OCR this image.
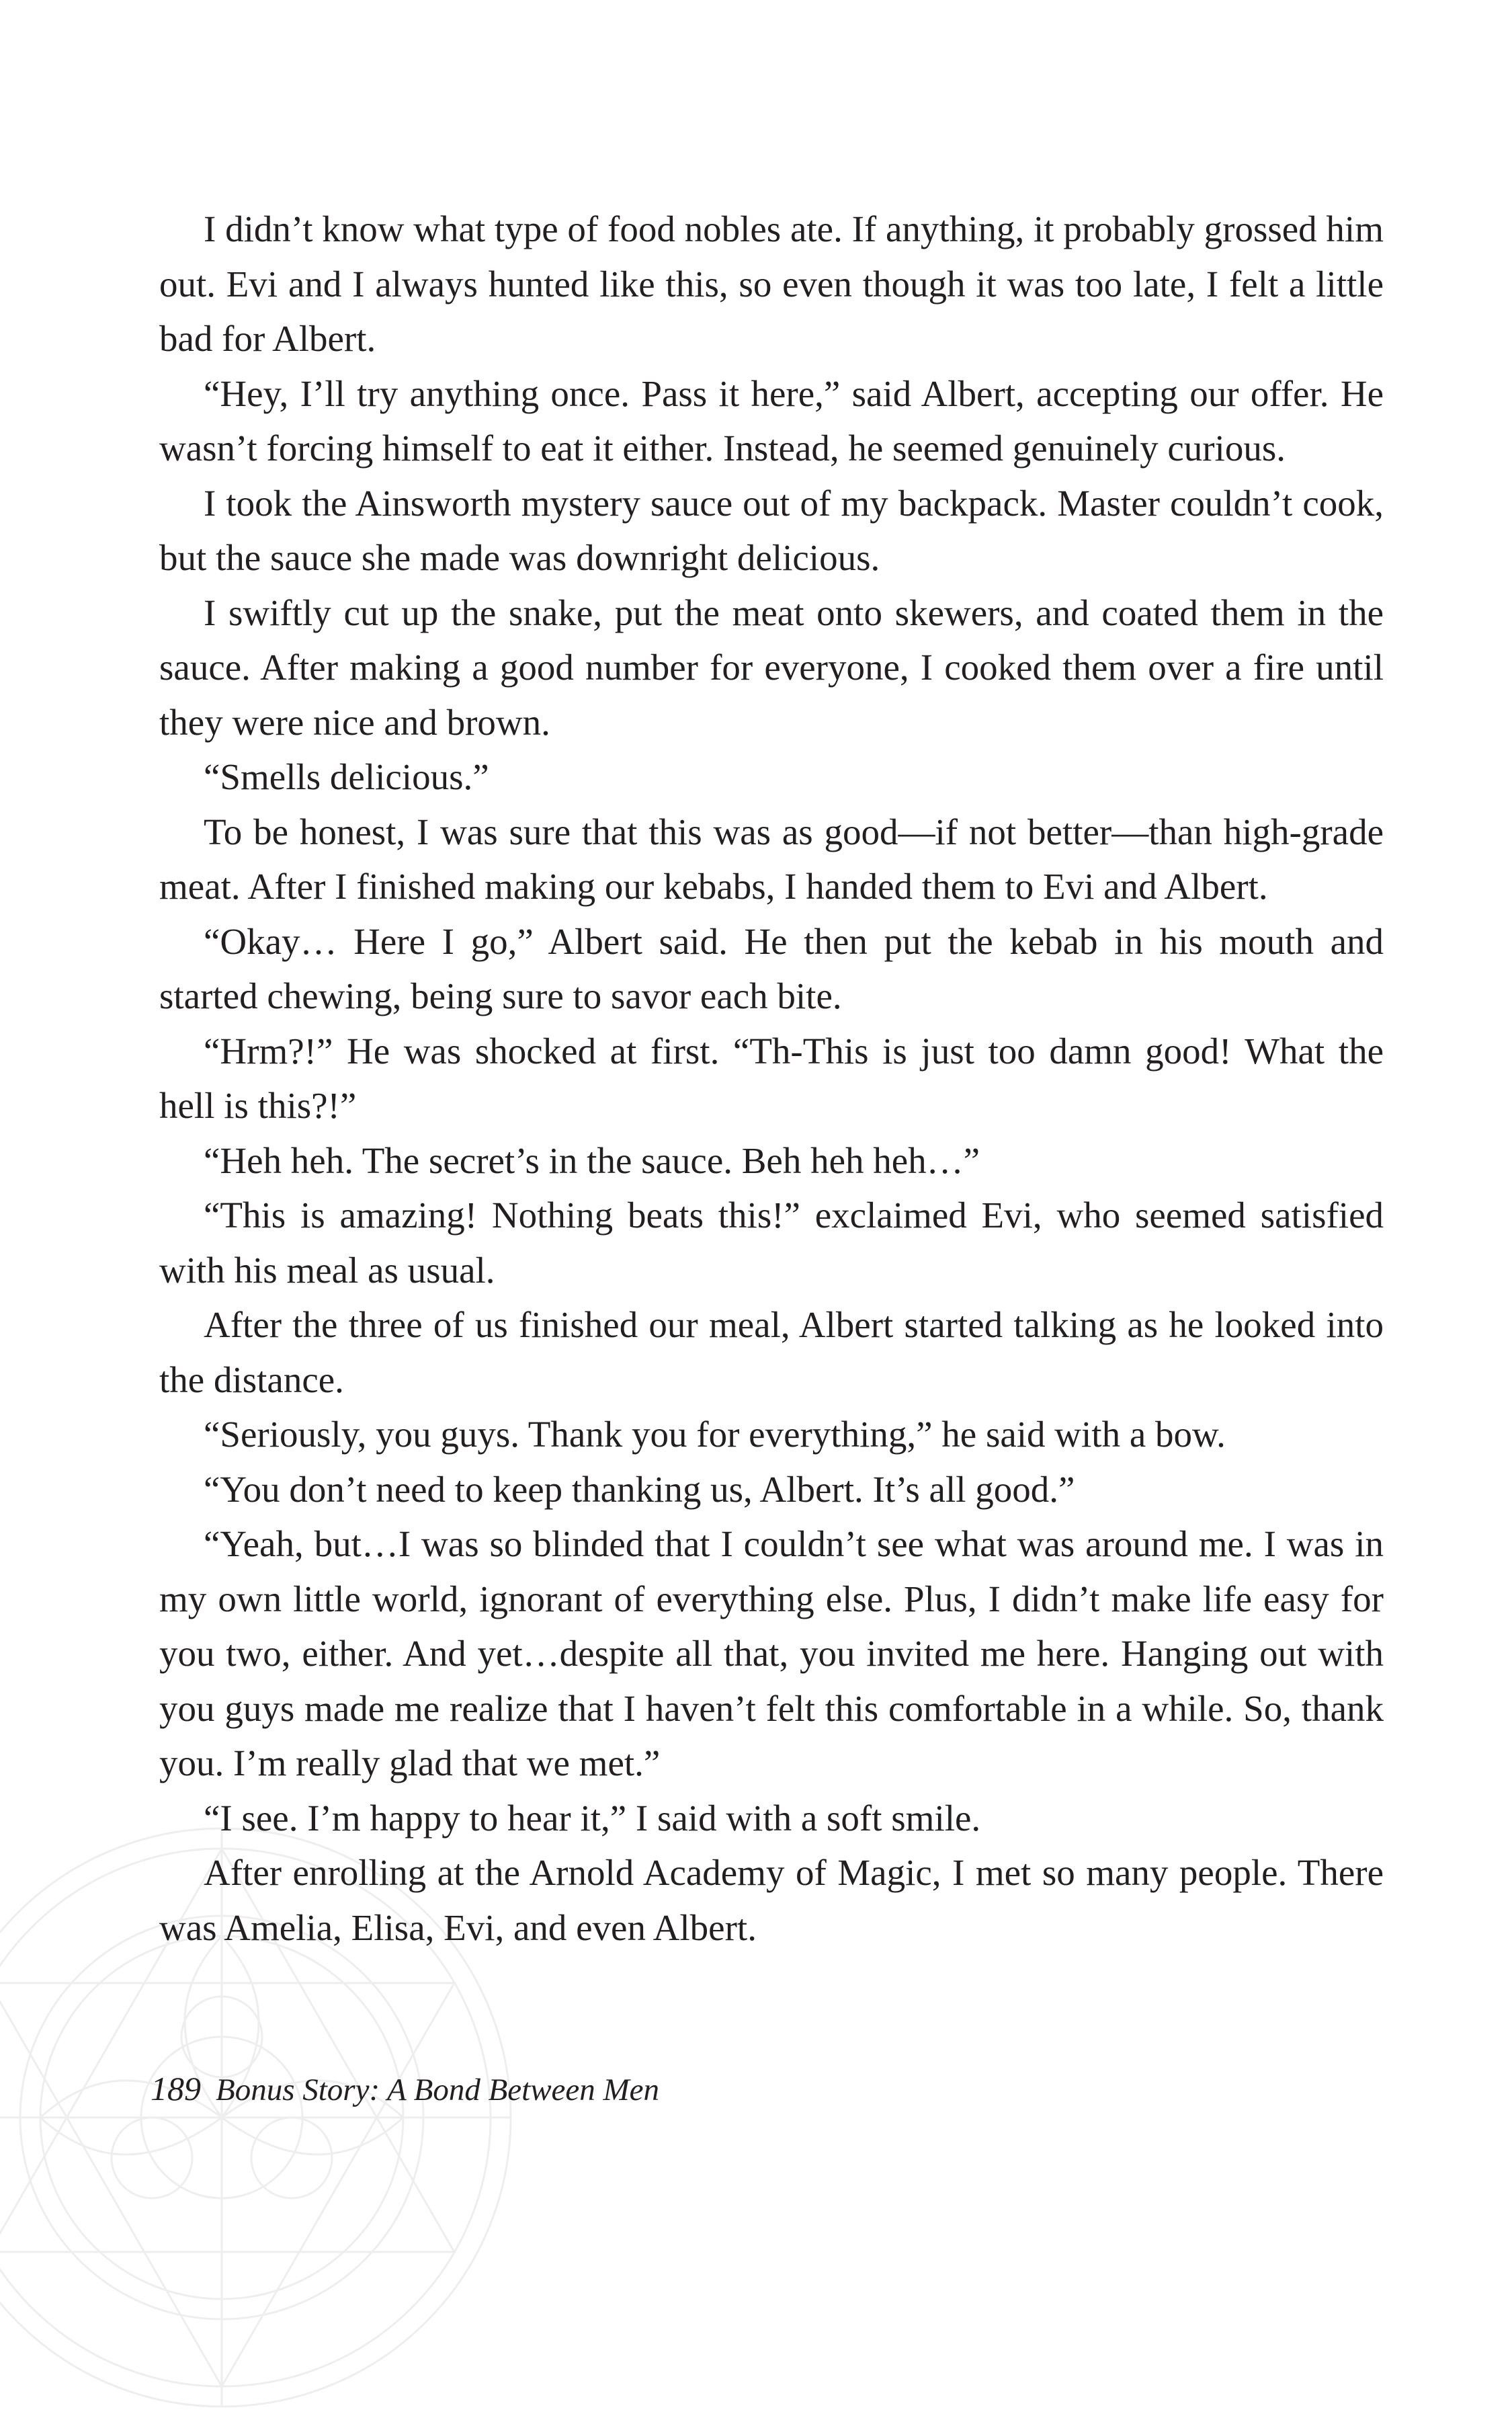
I didn’t know what type of food nobles ate. If anything, it probably grossed him out. Evi and I always hunted like this, so even though it was too late, I felt a little bad for Albert.

“Hey, I’ll try anything once. Pass it here,” said Albert, accepting our offer. He wasn’t forcing himself to eat it either. Instead, he seemed genuinely curious.

I took the Ainsworth mystery sauce out of my backpack. Master couldn’t cook, but the sauce she made was downright delicious.

I swiftly cut up the snake, put the meat onto skewers, and coated them in the sauce. After making a good number for everyone, I cooked them over a fire until they were nice and brown.

“Smells delicious.”

To be honest, I was sure that this was as good—if not better—than high-grade meat. After I finished making our kebabs, I handed them to Evi and Albert.

“Okay… Here I go,” Albert said. He then put the kebab in his mouth and started chewing, being sure to savor each bite.

“Hrm?!” He was shocked at first. “Th-This is just too damn good! What the hell is this?!”

“Heh heh. The secret’s in the sauce. Beh heh heh…”

“This is amazing! Nothing beats this!” exclaimed Evi, who seemed satisfied with his meal as usual.

After the three of us finished our meal, Albert started talking as he looked into the distance.

“Seriously, you guys. Thank you for everything,” he said with a bow.

“You don’t need to keep thanking us, Albert. It’s all good.”

“Yeah, but…I was so blinded that I couldn’t see what was around me. I was in my own little world, ignorant of everything else. Plus, I didn’t make life easy for you two, either. And yet…despite all that, you invited me here. Hanging out with you guys made me realize that I haven’t felt this comfortable in a while. So, thank you. I’m really glad that we met.”

“I see. I’m happy to hear it,” I said with a soft smile.

After enrolling at the Arnold Academy of Magic, I met so many people. There was Amelia, Elisa, Evi, and even Albert.

189 Bonus Story: A Bond Between Men
